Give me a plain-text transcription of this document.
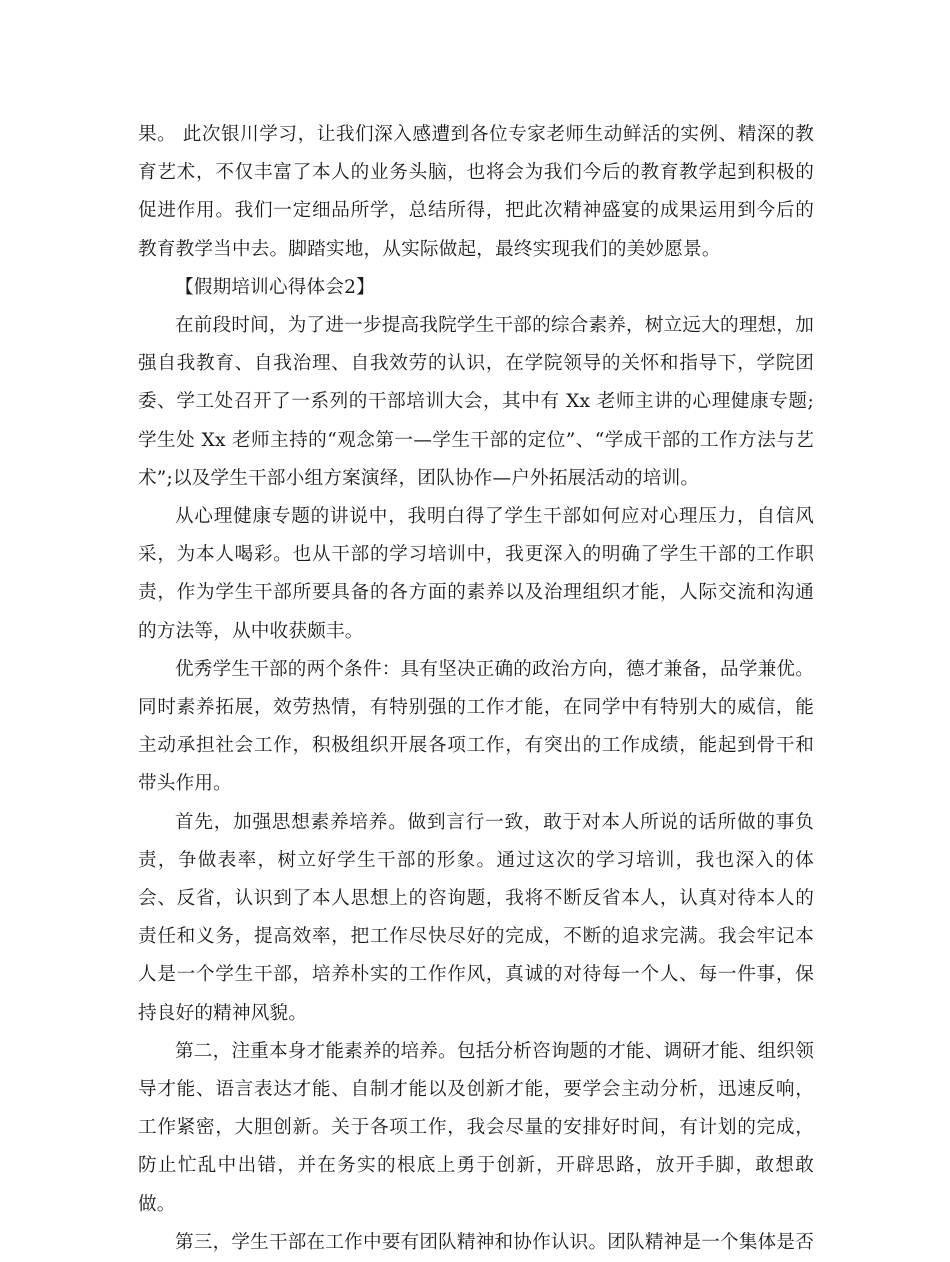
果。 此次银川学习，让我们深入感遭到各位专家老师生动鲜活的实例、精深的教育艺术，不仅丰富了本人的业务头脑，也将会为我们今后的教育教学起到积极的促进作用。我们一定细品所学，总结所得，把此次精神盛宴的成果运用到今后的教育教学当中去。脚踏实地，从实际做起，最终实现我们的美妙愿景。

【假期培训心得体会2】

在前段时间，为了进一步提高我院学生干部的综合素养，树立远大的理想，加强自我教育、自我治理、自我效劳的认识，在学院领导的关怀和指导下，学院团委、学工处召开了一系列的干部培训大会，其中有 Xx 老师主讲的心理健康专题;学生处 Xx 老师主持的“观念第一—学生干部的定位”、“学成干部的工作方法与艺术”;以及学生干部小组方案演绎，团队协作—户外拓展活动的培训。

从心理健康专题的讲说中，我明白得了学生干部如何应对心理压力，自信风采，为本人喝彩。也从干部的学习培训中，我更深入的明确了学生干部的工作职责，作为学生干部所要具备的各方面的素养以及治理组织才能，人际交流和沟通的方法等，从中收获颇丰。

优秀学生干部的两个条件：具有坚决正确的政治方向，德才兼备，品学兼优。同时素养拓展，效劳热情，有特别强的工作才能，在同学中有特别大的威信，能主动承担社会工作，积极组织开展各项工作，有突出的工作成绩，能起到骨干和带头作用。

首先，加强思想素养培养。做到言行一致，敢于对本人所说的话所做的事负责，争做表率，树立好学生干部的形象。通过这次的学习培训，我也深入的体会、反省，认识到了本人思想上的咨询题，我将不断反省本人，认真对待本人的责任和义务，提高效率，把工作尽快尽好的完成，不断的追求完满。我会牢记本人是一个学生干部，培养朴实的工作作风，真诚的对待每一个人、每一件事，保持良好的精神风貌。

第二，注重本身才能素养的培养。包括分析咨询题的才能、调研才能、组织领导才能、语言表达才能、自制才能以及创新才能，要学会主动分析，迅速反响，工作紧密，大胆创新。关于各项工作，我会尽量的安排好时间，有计划的完成，防止忙乱中出错，并在务实的根底上勇于创新，开辟思路，放开手脚，敢想敢做。

第三，学生干部在工作中要有团队精神和协作认识。团队精神是一个集体是否
